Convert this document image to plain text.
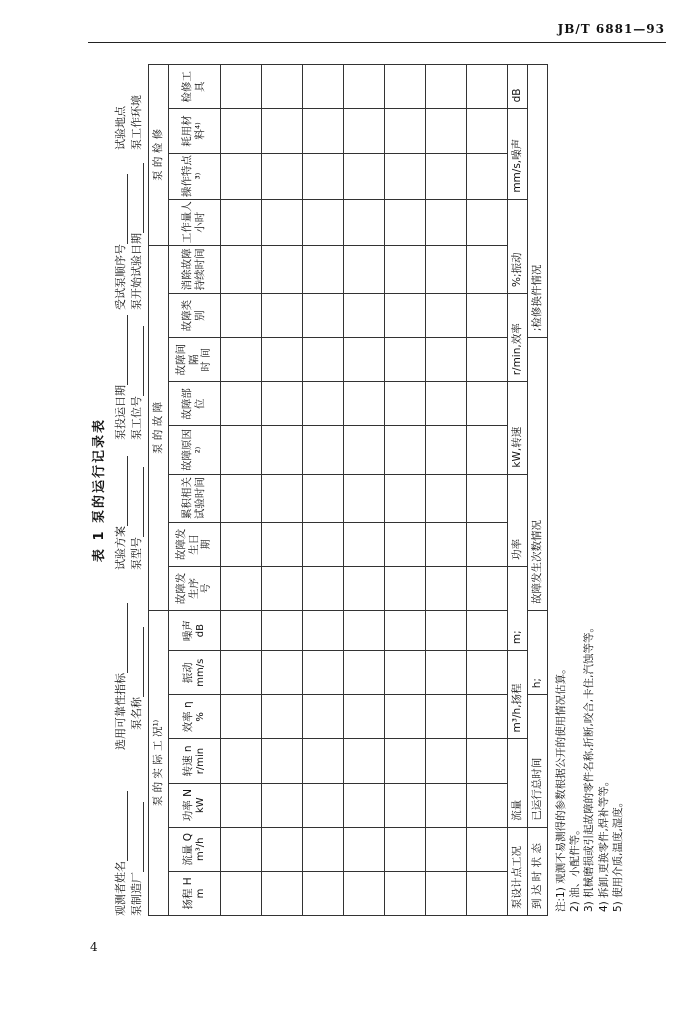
JB/T 6881—93
4
表 1 泵的运行记录表
观测者姓名
选用可靠性指标
试验方案
泵投运日期
受试泵顺序号
试验地点
泵制造厂
泵名称
泵型号
泵工位号
泵开始试验日期
泵工作环境
泵 的 实 际 工 况¹⁾							泵 的 故 障								泵 的 检 修			
扬程 H m	流量 Q m³/h	功率 N kW	转速 n r/min	效率 η %	振动 mm/s	噪声 dB	故障发生序 号	故障发生日 期	累积相关试验时间	故障原因²⁾	故障部位	故障间隔 时 间	故障类别	消除故障持续时间	工作量人小时	操作特点³⁾	耗用材料⁴⁾	检修工具

泵设计点工况		流量		m³/h,扬程		m;		功率		kW,转速		r/min,效率		%;振动		mm/s,噪声		dB
到 达 时 状 态		已运行总时间			h;		故障发生次数情况						;检修换件情况					
注:1) 观测不易测得的参数根据公开的使用情况估算。 2) 油、小配件等。 3) 机械磨损或引起故障的零件名称,折断,咬合,卡住,汽蚀等等。 4) 拆卸,更换零件,焊补等等。 5) 使用介质,温度,湿度。
